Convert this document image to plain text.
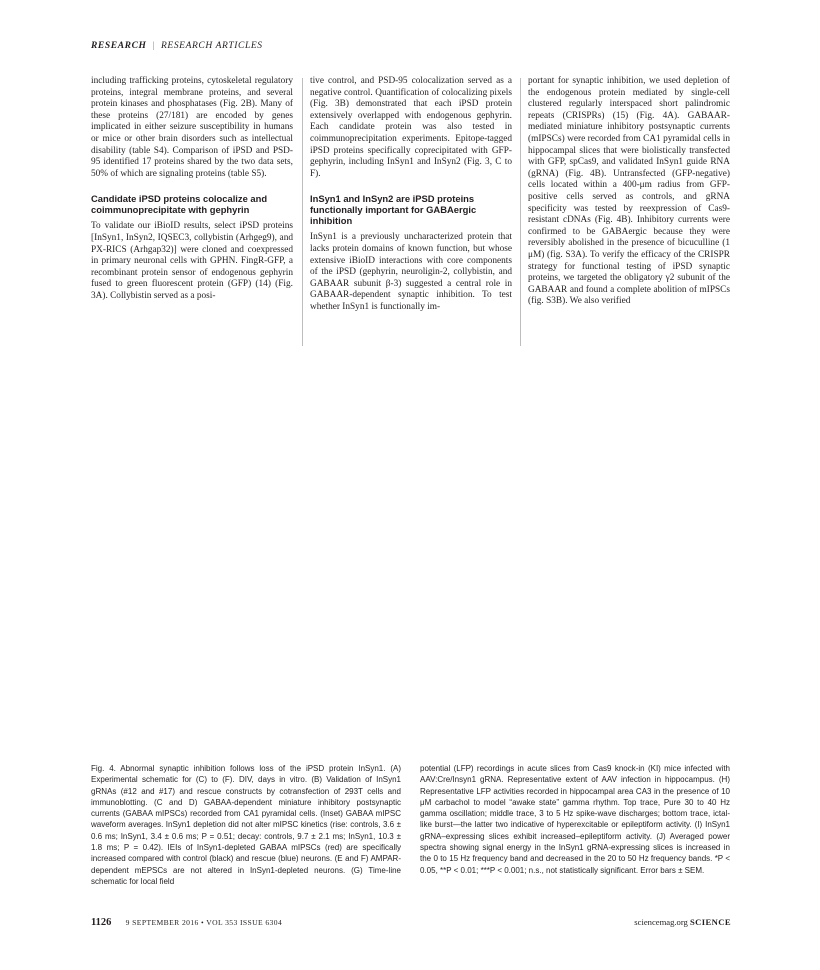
RESEARCH | RESEARCH ARTICLES

including trafficking proteins, cytoskeletal regulatory proteins, integral membrane proteins, and several protein kinases and phosphatases (Fig. 2B). Many of these proteins (27/181) are encoded by genes implicated in either seizure susceptibility in humans or mice or other brain disorders such as intellectual disability (table S4). Comparison of iPSD and PSD-95 identified 17 proteins shared by the two data sets, 50% of which are signaling proteins (table S5).

Candidate iPSD proteins colocalize and coimmunoprecipitate with gephyrin

To validate our iBioID results, select iPSD proteins [InSyn1, InSyn2, IQSEC3, collybistin (Arhgeg9), and PX-RICS (Arhgap32)] were cloned and coexpressed in primary neuronal cells with GPHN. FingR-GFP, a recombinant protein sensor of endogenous gephyrin fused to green fluorescent protein (GFP) (14) (Fig. 3A). Collybistin served as a posi-

tive control, and PSD-95 colocalization served as a negative control. Quantification of colocalizing pixels (Fig. 3B) demonstrated that each iPSD protein extensively overlapped with endogenous gephyrin. Each candidate protein was also tested in coimmunoprecipitation experiments. Epitope-tagged iPSD proteins specifically coprecipitated with GFP-gephyrin, including InSyn1 and InSyn2 (Fig. 3, C to F).

InSyn1 and InSyn2 are iPSD proteins functionally important for GABAergic inhibition

InSyn1 is a previously uncharacterized protein that lacks protein domains of known function, but whose extensive iBioID interactions with core components of the iPSD (gephyrin, neuroligin-2, collybistin, and GABAAR subunit β-3) suggested a central role in GABAAR-dependent synaptic inhibition. To test whether InSyn1 is functionally im-

portant for synaptic inhibition, we used depletion of the endogenous protein mediated by single-cell clustered regularly interspaced short palindromic repeats (CRISPRs) (15) (Fig. 4A). GABAAR-mediated miniature inhibitory postsynaptic currents (mIPSCs) were recorded from CA1 pyramidal cells in hippocampal slices that were biolistically transfected with GFP, spCas9, and validated InSyn1 guide RNA (gRNA) (Fig. 4B). Untransfected (GFP-negative) cells located within a 400-μm radius from GFP-positive cells served as controls, and gRNA specificity was tested by reexpression of Cas9-resistant cDNAs (Fig. 4B). Inhibitory currents were confirmed to be GABAergic because they were reversibly abolished in the presence of bicuculline (1 μM) (fig. S3A). To verify the efficacy of the CRISPR strategy for functional testing of iPSD synaptic proteins, we targeted the obligatory γ2 subunit of the GABAAR and found a complete abolition of mIPSCs (fig. S3B). We also verified

Fig. 4. Abnormal synaptic inhibition follows loss of the iPSD protein InSyn1. (A) Experimental schematic for (C) to (F). DIV, days in vitro. (B) Validation of InSyn1 gRNAs (#12 and #17) and rescue constructs by cotransfection of 293T cells and immunoblotting. (C and D) GABAA-dependent miniature inhibitory postsynaptic currents (GABAA mIPSCs) recorded from CA1 pyramidal cells. (Inset) GABAA mIPSC waveform averages. InSyn1 depletion did not alter mIPSC kinetics (rise: controls, 3.6 ± 0.6 ms; InSyn1, 3.4 ± 0.6 ms; P = 0.51; decay: controls, 9.7 ± 2.1 ms; InSyn1, 10.3 ± 1.8 ms; P = 0.42). IEIs of InSyn1-depleted GABAA mIPSCs (red) are specifically increased compared with control (black) and rescue (blue) neurons. (E and F) AMPAR-dependent mEPSCs are not altered in InSyn1-depleted neurons. (G) Time-line schematic for local field

potential (LFP) recordings in acute slices from Cas9 knock-in (KI) mice infected with AAV:Cre/Insyn1 gRNA. Representative extent of AAV infection in hippocampus. (H) Representative LFP activities recorded in hippocampal area CA3 in the presence of 10 μM carbachol to model “awake state” gamma rhythm. Top trace, Pure 30 to 40 Hz gamma oscillation; middle trace, 3 to 5 Hz spike-wave discharges; bottom trace, ictal-like burst—the latter two indicative of hyperexcitable or epileptiform activity. (I) InSyn1 gRNA–expressing slices exhibit increased–epileptiform activity. (J) Averaged power spectra showing signal energy in the InSyn1 gRNA-expressing slices is increased in the 0 to 15 Hz frequency band and decreased in the 20 to 50 Hz frequency bands. *P < 0.05, **P < 0.01; ***P < 0.001; n.s., not statistically significant. Error bars ± SEM.

1126 9 SEPTEMBER 2016 • VOL 353 ISSUE 6304	sciencemag.org SCIENCE
